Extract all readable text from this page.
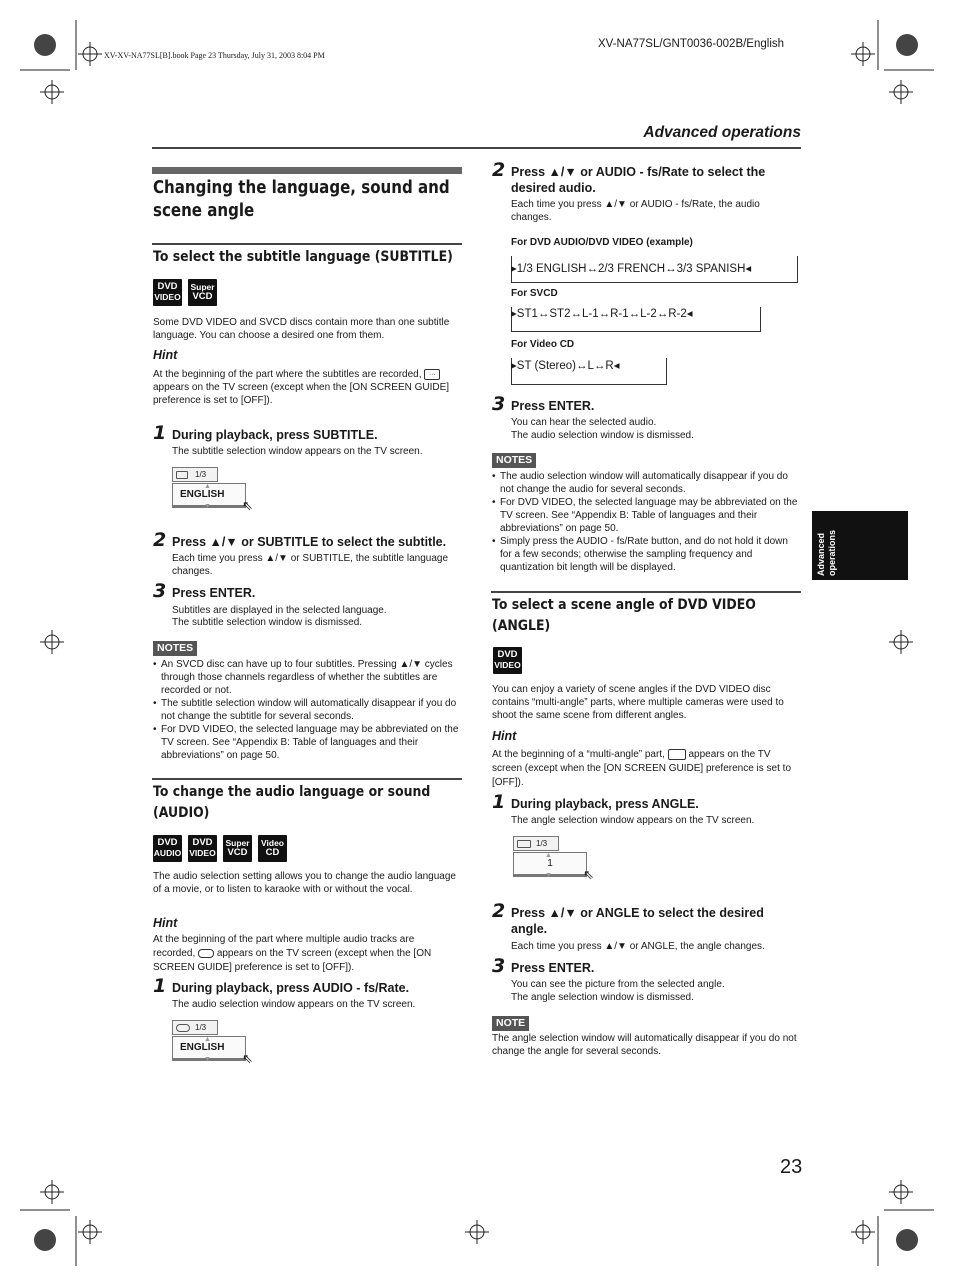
XV-XV-NA77SL[B].book Page 23 Thursday, July 31, 2003 8:04 PM
XV-NA77SL/GNT0036-002B/English
Advanced operations
Advanced operations
Changing the language, sound and
scene angle
To select the subtitle language (SUBTITLE)
DVD
VIDEO
Super
VCD
Some DVD VIDEO and SVCD discs contain more than one subtitle language. You can choose a desired one from them.
Hint
At the beginning of the part where the subtitles are recorded, … appears on the TV screen (except when the [ON SCREEN GUIDE] preference is set to [OFF]).
1 During playback, press SUBTITLE.
The subtitle selection window appears on the TV screen.
1/3
ENGLISH
▲
▼ ⇖
2 Press ▲/▼ or SUBTITLE to select the subtitle.
Each time you press ▲/▼ or SUBTITLE, the subtitle language changes.
3 Press ENTER.
Subtitles are displayed in the selected language.
The subtitle selection window is dismissed.
NOTES
• An SVCD disc can have up to four subtitles. Pressing ▲/▼ cycles through those channels regardless of whether the subtitles are recorded or not.
• The subtitle selection window will automatically disappear if you do not change the subtitle for several seconds.
• For DVD VIDEO, the selected language may be abbreviated on the TV screen. See “Appendix B: Table of languages and their abbreviations” on page 50.
To change the audio language or sound
(AUDIO)
DVD
AUDIO
DVD
VIDEO
Super
VCD
Video
CD
The audio selection setting allows you to change the audio language of a movie, or to listen to karaoke with or without the vocal.
Hint
At the beginning of the part where multiple audio tracks are recorded, appears on the TV screen (except when the [ON SCREEN GUIDE] preference is set to [OFF]).
1 During playback, press AUDIO - fs/Rate.
The audio selection window appears on the TV screen.
1/3
ENGLISH
▲
▼ ⇖
2 Press ▲/▼ or AUDIO - fs/Rate to select the desired audio.
Each time you press ▲/▼ or AUDIO - fs/Rate, the audio changes.
For DVD AUDIO/DVD VIDEO (example)
▸1/3 ENGLISH↔2/3 FRENCH↔3/3 SPANISH◂
For SVCD
▸ST1↔ST2↔L-1↔R-1↔L-2↔R-2◂
For Video CD
▸ST (Stereo)↔L↔R◂
3 Press ENTER.
You can hear the selected audio.
The audio selection window is dismissed.
NOTES
• The audio selection window will automatically disappear if you do not change the audio for several seconds.
• For DVD VIDEO, the selected language may be abbreviated on the TV screen. See “Appendix B: Table of languages and their abbreviations” on page 50.
• Simply press the AUDIO - fs/Rate button, and do not hold it down for a few seconds; otherwise the sampling frequency and quantization bit length will be displayed.
To select a scene angle of DVD VIDEO
(ANGLE)
DVD
VIDEO
You can enjoy a variety of scene angles if the DVD VIDEO disc contains “multi-angle” parts, where multiple cameras were used to shoot the same scene from different angles.
Hint
At the beginning of a “multi-angle” part, appears on the TV screen (except when the [ON SCREEN GUIDE] preference is set to [OFF]).
1 During playback, press ANGLE.
The angle selection window appears on the TV screen.
1/3
1
▲
▼ ⇖
2 Press ▲/▼ or ANGLE to select the desired angle.
Each time you press ▲/▼ or ANGLE, the angle changes.
3 Press ENTER.
You can see the picture from the selected angle.
The angle selection window is dismissed.
NOTE
The angle selection window will automatically disappear if you do not change the angle for several seconds.
23
